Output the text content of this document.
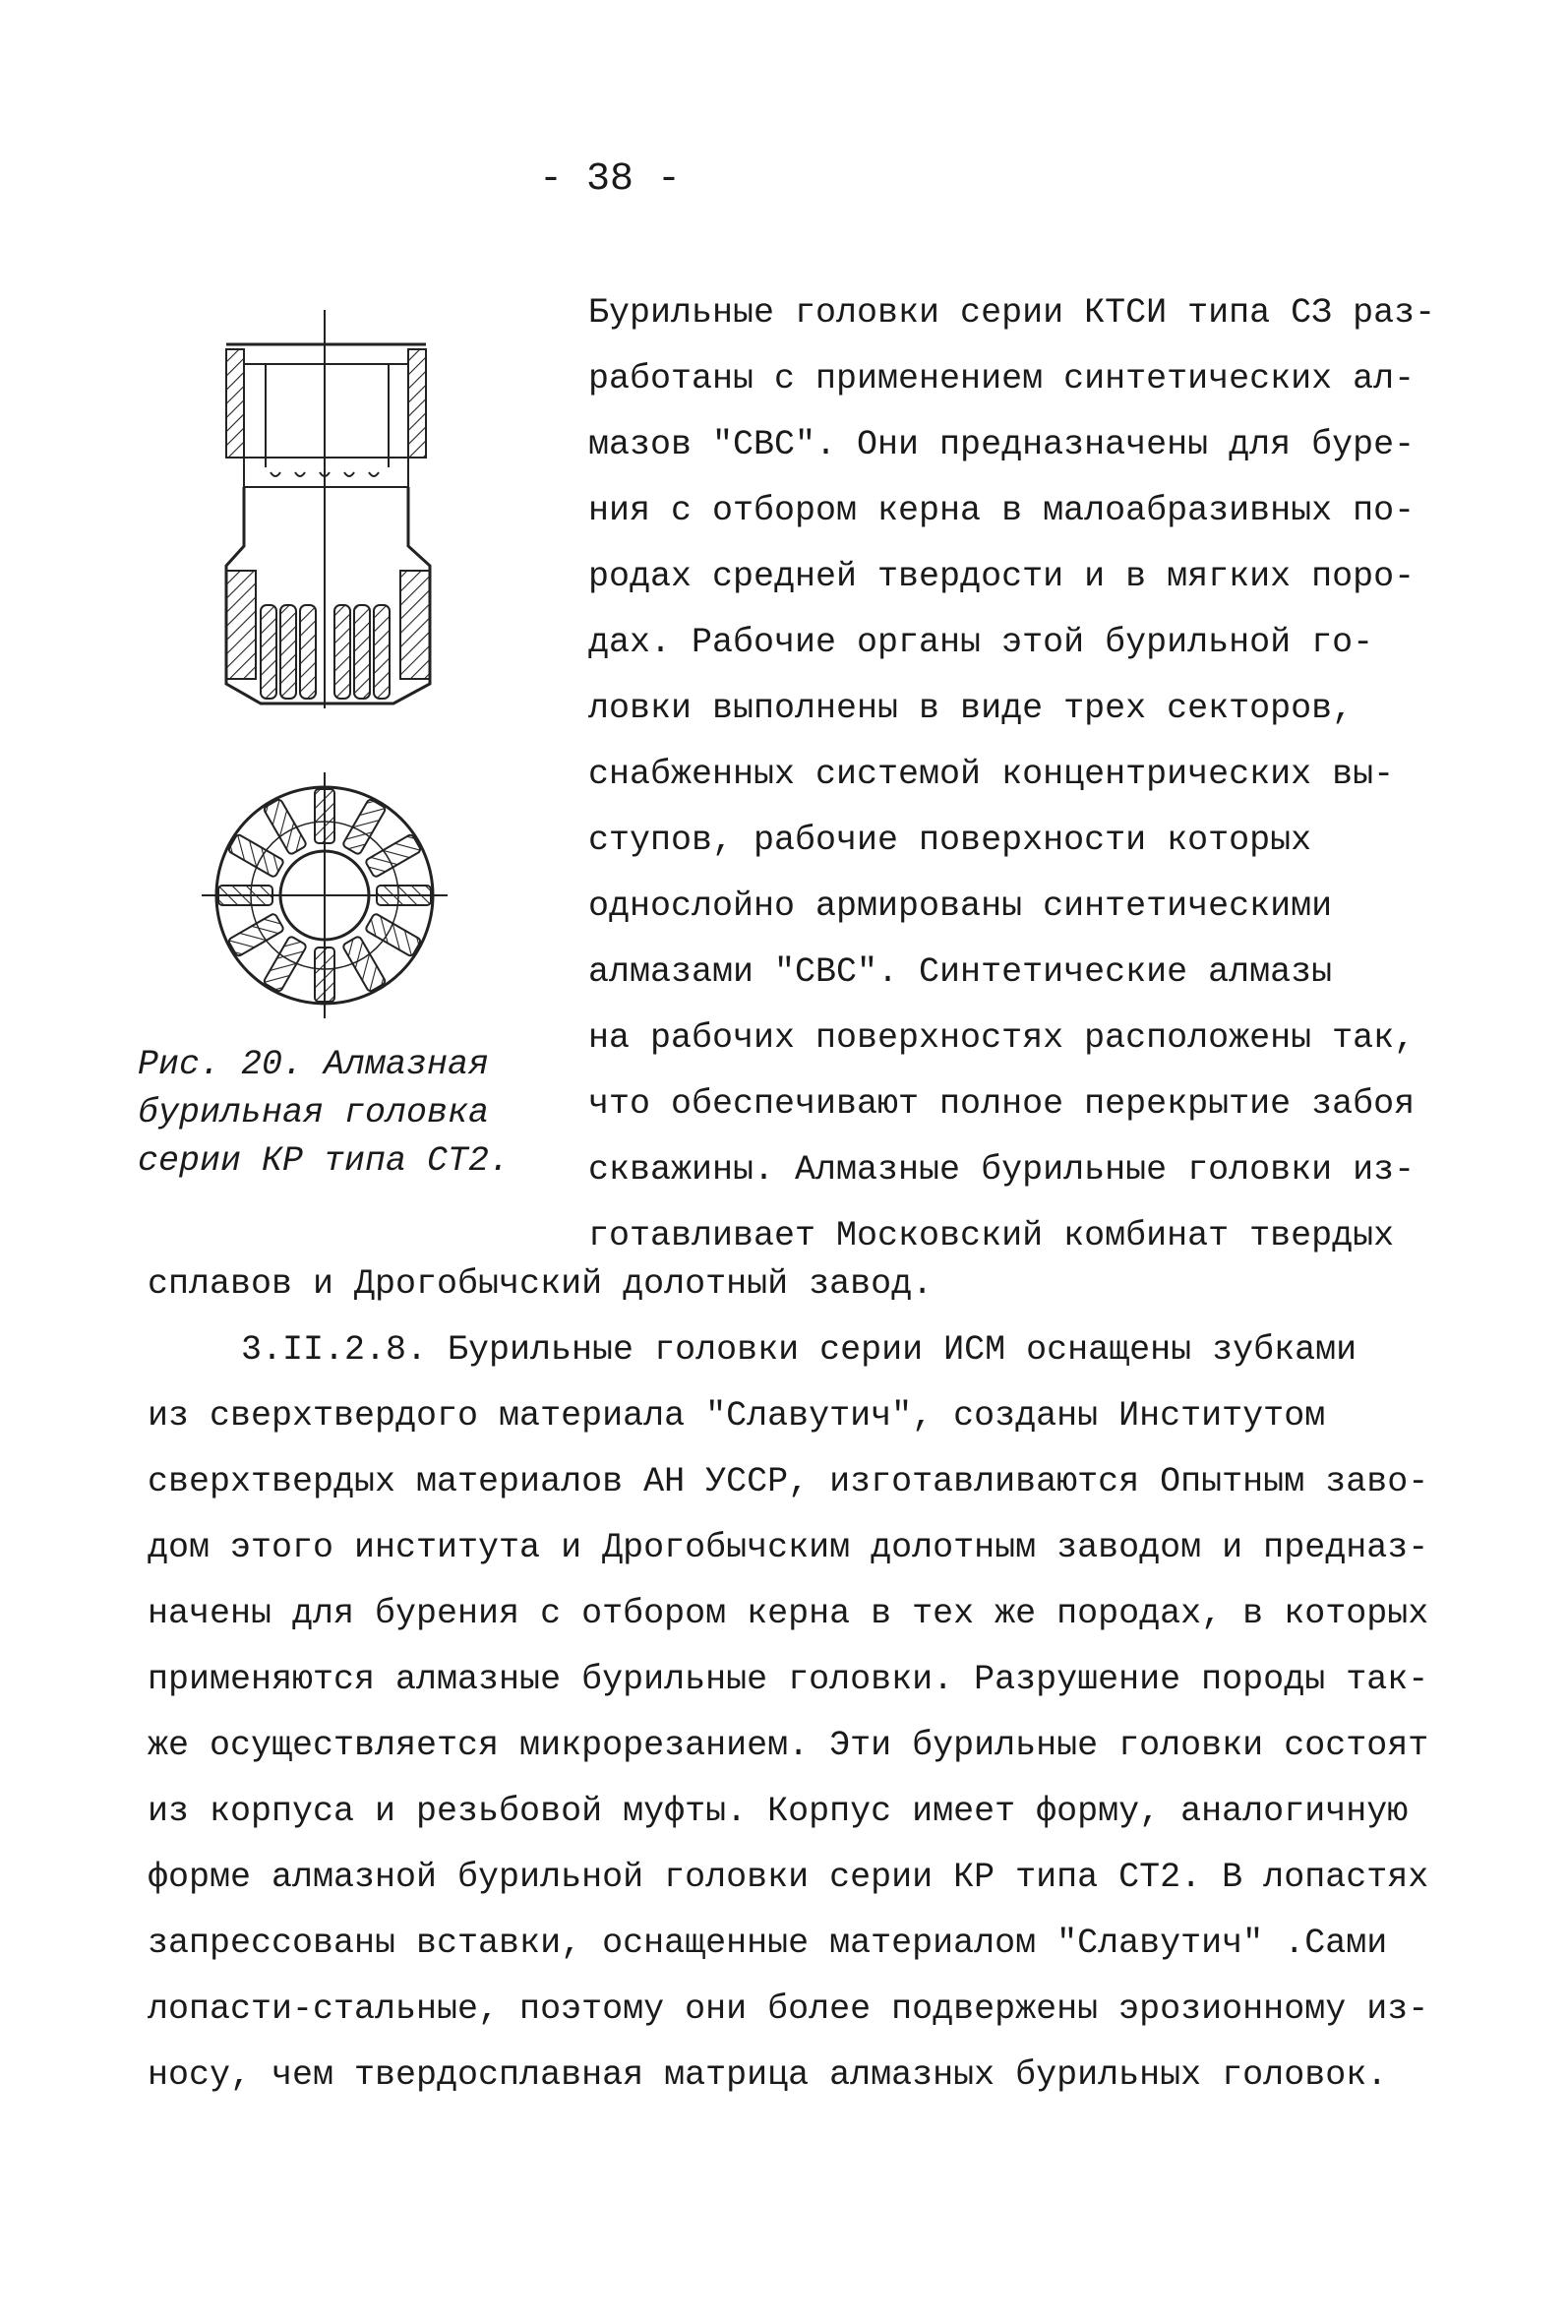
- 38 -
Рис. 20. Алмазная
бурильная головка
серии КР типа СТ2.
Бурильные головки серии КТСИ типа СЗ раз-
работаны с применением синтетических ал-
мазов "СВС". Они предназначены для буре-
ния с отбором керна в малоабразивных по-
родах средней твердости и в мягких поро-
дах. Рабочие органы этой бурильной го-
ловки выполнены в виде трех секторов,
снабженных системой концентрических вы-
ступов, рабочие поверхности которых
однослойно армированы синтетическими
алмазами "СВС". Синтетические алмазы
на рабочих поверхностях расположены так,
что обеспечивают полное перекрытие забоя
скважины. Алмазные бурильные головки из-
готавливает Московский комбинат твердых
сплавов и Дрогобычский долотный завод.
3.II.2.8. Бурильные головки серии ИСМ оснащены зубками
из сверхтвердого материала "Славутич", созданы Институтом
сверхтвердых материалов АН УССР, изготавливаются Опытным заво-
дом этого института и Дрогобычским долотным заводом и предназ-
начены для бурения с отбором керна в тех же породах, в которых
применяются алмазные бурильные головки. Разрушение породы так-
же осуществляется микрорезанием. Эти бурильные головки состоят
из корпуса и резьбовой муфты. Корпус имеет форму, аналогичную
форме алмазной бурильной головки серии КР типа СТ2. В лопастях
запрессованы вставки, оснащенные материалом "Славутич" .Сами
лопасти-стальные, поэтому они более подвержены эрозионному из-
носу, чем твердосплавная матрица алмазных бурильных головок.
